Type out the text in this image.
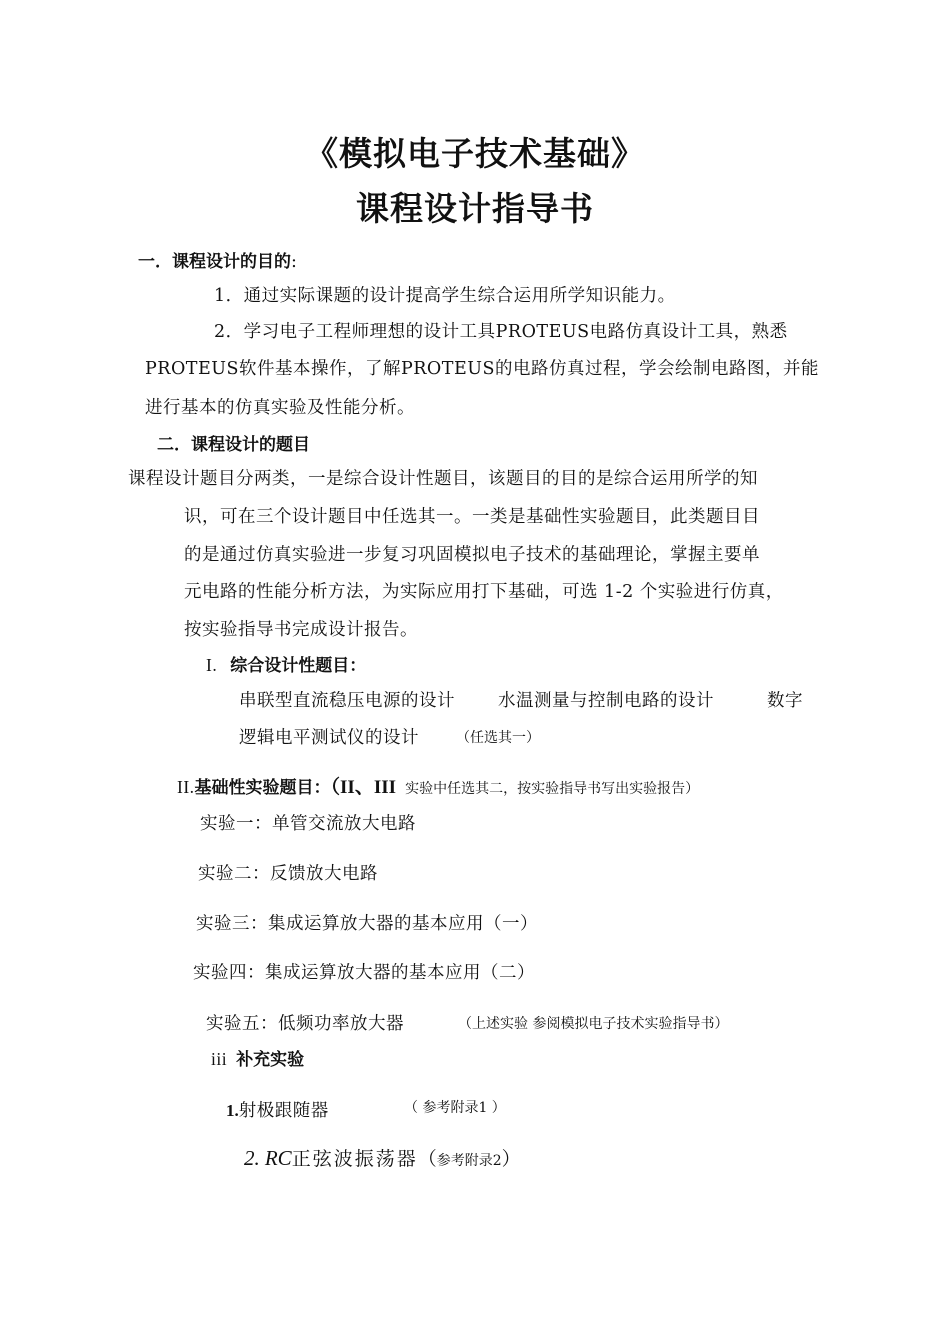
《模拟电子技术基础》
课程设计指导书
一．课程设计的目的:
1．通过实际课题的设计提高学生综合运用所学知识能力。
2．学习电子工程师理想的设计工具PROTEUS电路仿真设计工具，熟悉
PROTEUS软件基本操作，了解PROTEUS的电路仿真过程，学会绘制电路图，并能
进行基本的仿真实验及性能分析。
二．课程设计的题目
课程设计题目分两类，一是综合设计性题目，该题目的目的是综合运用所学的知
识，可在三个设计题目中任选其一。一类是基础性实验题目，此类题目目
的是通过仿真实验进一步复习巩固模拟电子技术的基础理论，掌握主要单
元电路的性能分析方法，为实际应用打下基础，可选 1-2 个实验进行仿真，
按实验指导书完成设计报告。
I. 综合设计性题目：
串联型直流稳压电源的设计 水温测量与控制电路的设计	数字
逻辑电平测试仪的设计	（任选其一）
II.基础性实验题目：（II、III 实验中任选其二，按实验指导书写出实验报告）
实验一：单管交流放大电路
实验二：反馈放大电路
实验三：集成运算放大器的基本应用（一）
实验四：集成运算放大器的基本应用（二）
实验五：低频功率放大器	（上述实验 参阅模拟电子技术实验指导书）
iii 补充实验
1.射极跟随器	（ 参考附录1 ）
2. RC正弦波振荡器（参考附录2）
